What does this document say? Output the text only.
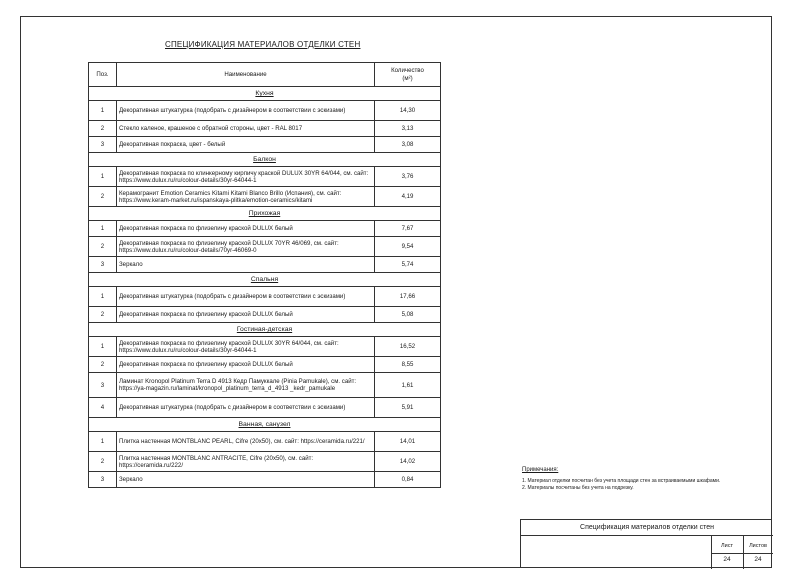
СПЕЦИФИКАЦИЯ МАТЕРИАЛОВ ОТДЕЛКИ СТЕН
Поз.	Наименование	Количество
(м²)
Кухня		
1	Декоративная штукатурка (подобрать с дизайнером в соответствии с эскизами)	14,30
2	Стекло каленое, крашеное с обратной стороны, цвет - RAL 8017	3,13
3	Декоративная покраска, цвет - белый	3,08
Балкон		
1	Декоративная покраска по клинкерному кирпичу краской DULUX 30YR 64/044, см. сайт: https://www.dulux.ru/ru/colour-details/30yr-64044-1	3,76
2	Керамогранит Emotion Ceramics Kitami Kitami Blanco Brillo (Испания), см. сайт: https://www.keram-market.ru/ispanskaya-plitka/emotion-ceramics/kitami	4,19
Прихожая		
1	Декоративная покраска по флизелину краской DULUX белый	7,67
2	Декоративная покраска по флизелину краской DULUX 70YR 46/069, см. сайт: https://www.dulux.ru/ru/colour-details/70yr-46069-0	9,54
3	Зеркало	5,74
Спальня		
1	Декоративная штукатурка (подобрать с дизайнером в соответствии с эскизами)	17,66
2	Декоративная покраска по флизелину краской DULUX белый	5,08
Гостиная-детская		
1	Декоративная покраска по флизелину краской DULUX 30YR 64/044, см. сайт: https://www.dulux.ru/ru/colour-details/30yr-64044-1	16,52
2	Декоративная покраска по флизелину краской DULUX белый	8,55
3	Ламинат Kronopol Platinum Terra D 4913 Кедр Памуккале (Pinia Pamukale), см. сайт: https://ya-magazin.ru/laminat/kronopol_platinum_terra_d_4913 _kedr_pamukale	1,61
4	Декоративная штукатурка (подобрать с дизайнером в соответствии с эскизами)	5,91
Ванная, санузел		
1	Плитка настенная MONTBLANC PEARL, Cifre (20x50), см. сайт: https://ceramida.ru/221/	14,01
2	Плитка настенная MONTBLANC ANTRACITE, Cifre (20x50), см. сайт: https://ceramida.ru/222/	14,02
3	Зеркало	0,84
Примечания:
1. Материал отделки посчитан без учета площади стен за встраиваемыми шкафами.
2. Материалы посчитаны без учета на подрезку.
Спецификация материалов отделки стен
Лист	Листов
24	24
